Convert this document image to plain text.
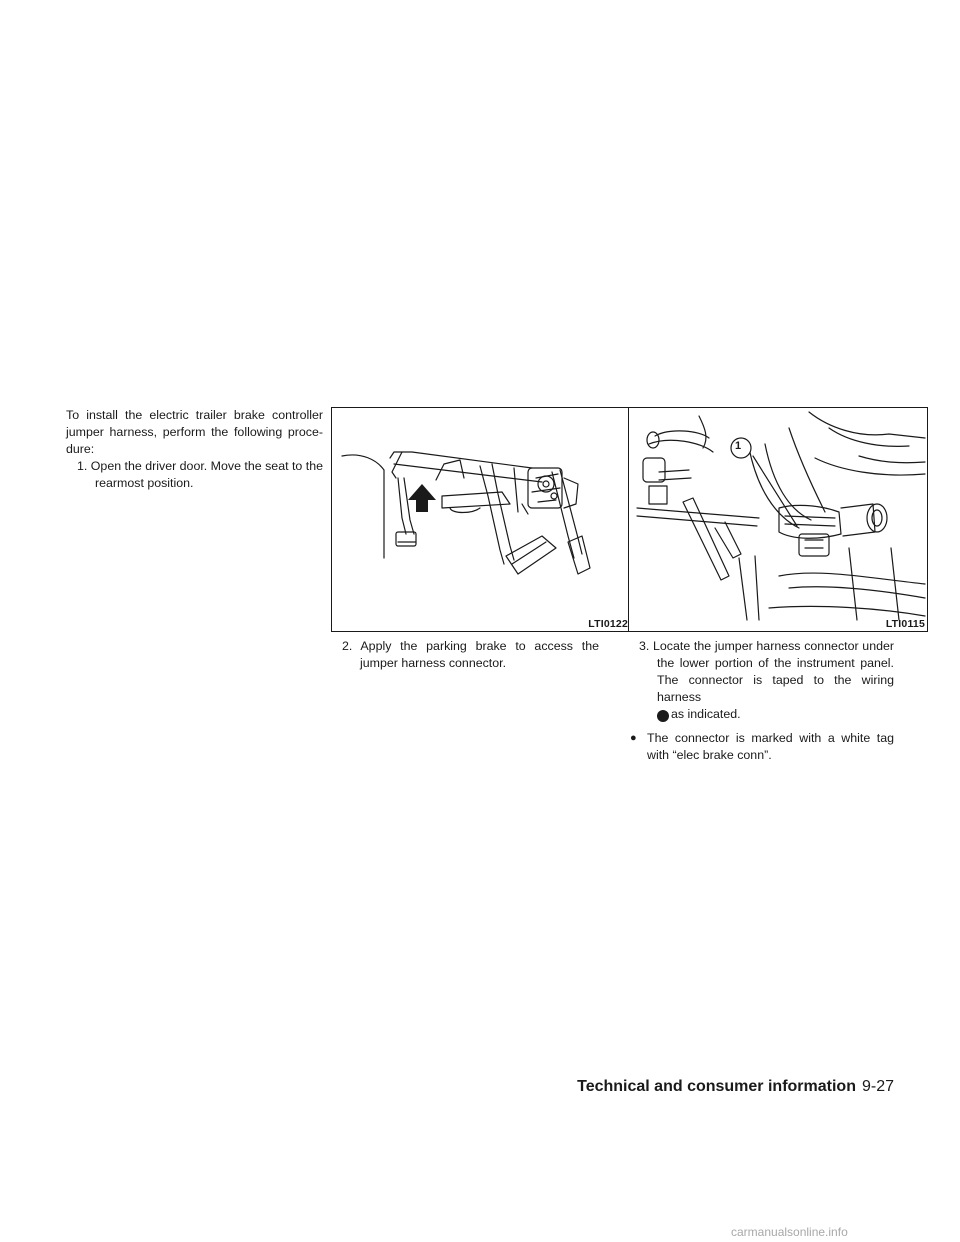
To install the electric trailer brake controller jumper harness, perform the following proce- dure:

1. Open the driver door. Move the seat to the rearmost position.

LTI0122

2. Apply the parking brake to access the jumper harness connector.

1
LTI0115

3. Locate the jumper harness connector under the lower portion of the instrument panel. The connector is taped to the wiring harness
1 as indicated.

● The connector is marked with a white tag with “elec brake conn”.
Technical and consumer information 9-27
carmanualsonline.info
